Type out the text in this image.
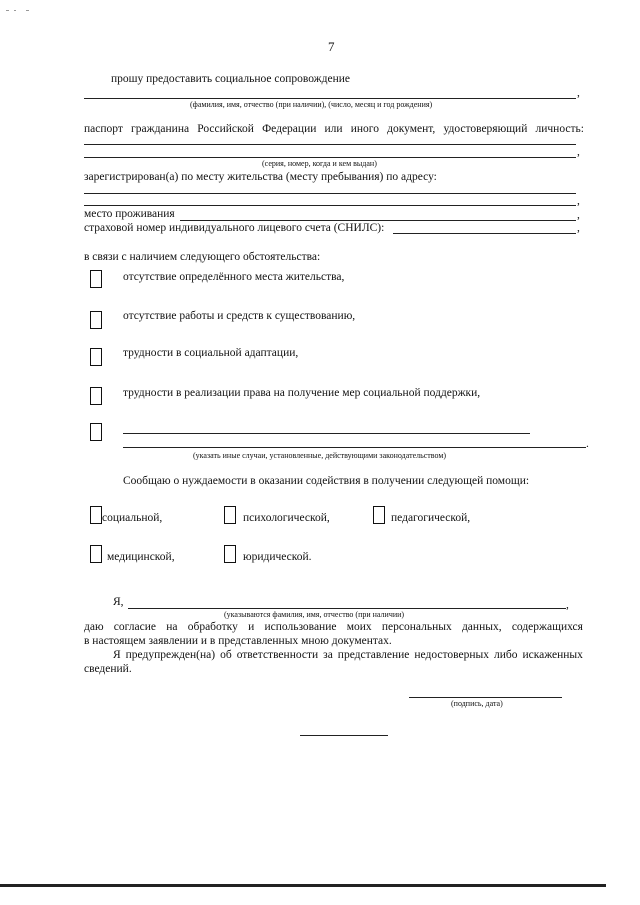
7
прошу предоставить социальное сопровождение
,
(фамилия, имя, отчество (при наличии), (число, месяц и год рождения)
паспорт гражданина Российской Федерации или иного документ, удостоверяющий личность:
,
(серия, номер, когда и кем выдан)
зарегистрирован(а) по месту жительства (месту пребывания) по адресу:
,
место проживания	,
страховой номер индивидуального лицевого счета (СНИЛС):	,
в связи с наличием следующего обстоятельства:
отсутствие определённого места жительства,
отсутствие работы и средств к существованию,
трудности в социальной адаптации,
трудности в реализации права на получение мер социальной поддержки,
.
(указать иные случаи, установленные, действующими законодательством)
Сообщаю о нуждаемости в оказании содействия в получении следующей помощи:
социальной,	психологической,	педагогической,
медицинской,	юридической.
Я,	,
(указываются фамилия, имя, отчество (при наличии)
даю согласие на обработку и использование моих персональных данных, содержащихся
в настоящем заявлении и в представленных мною документах.
Я предупрежден(на) об ответственности за представление недостоверных либо искаженных
сведений.
(подпись, дата)
